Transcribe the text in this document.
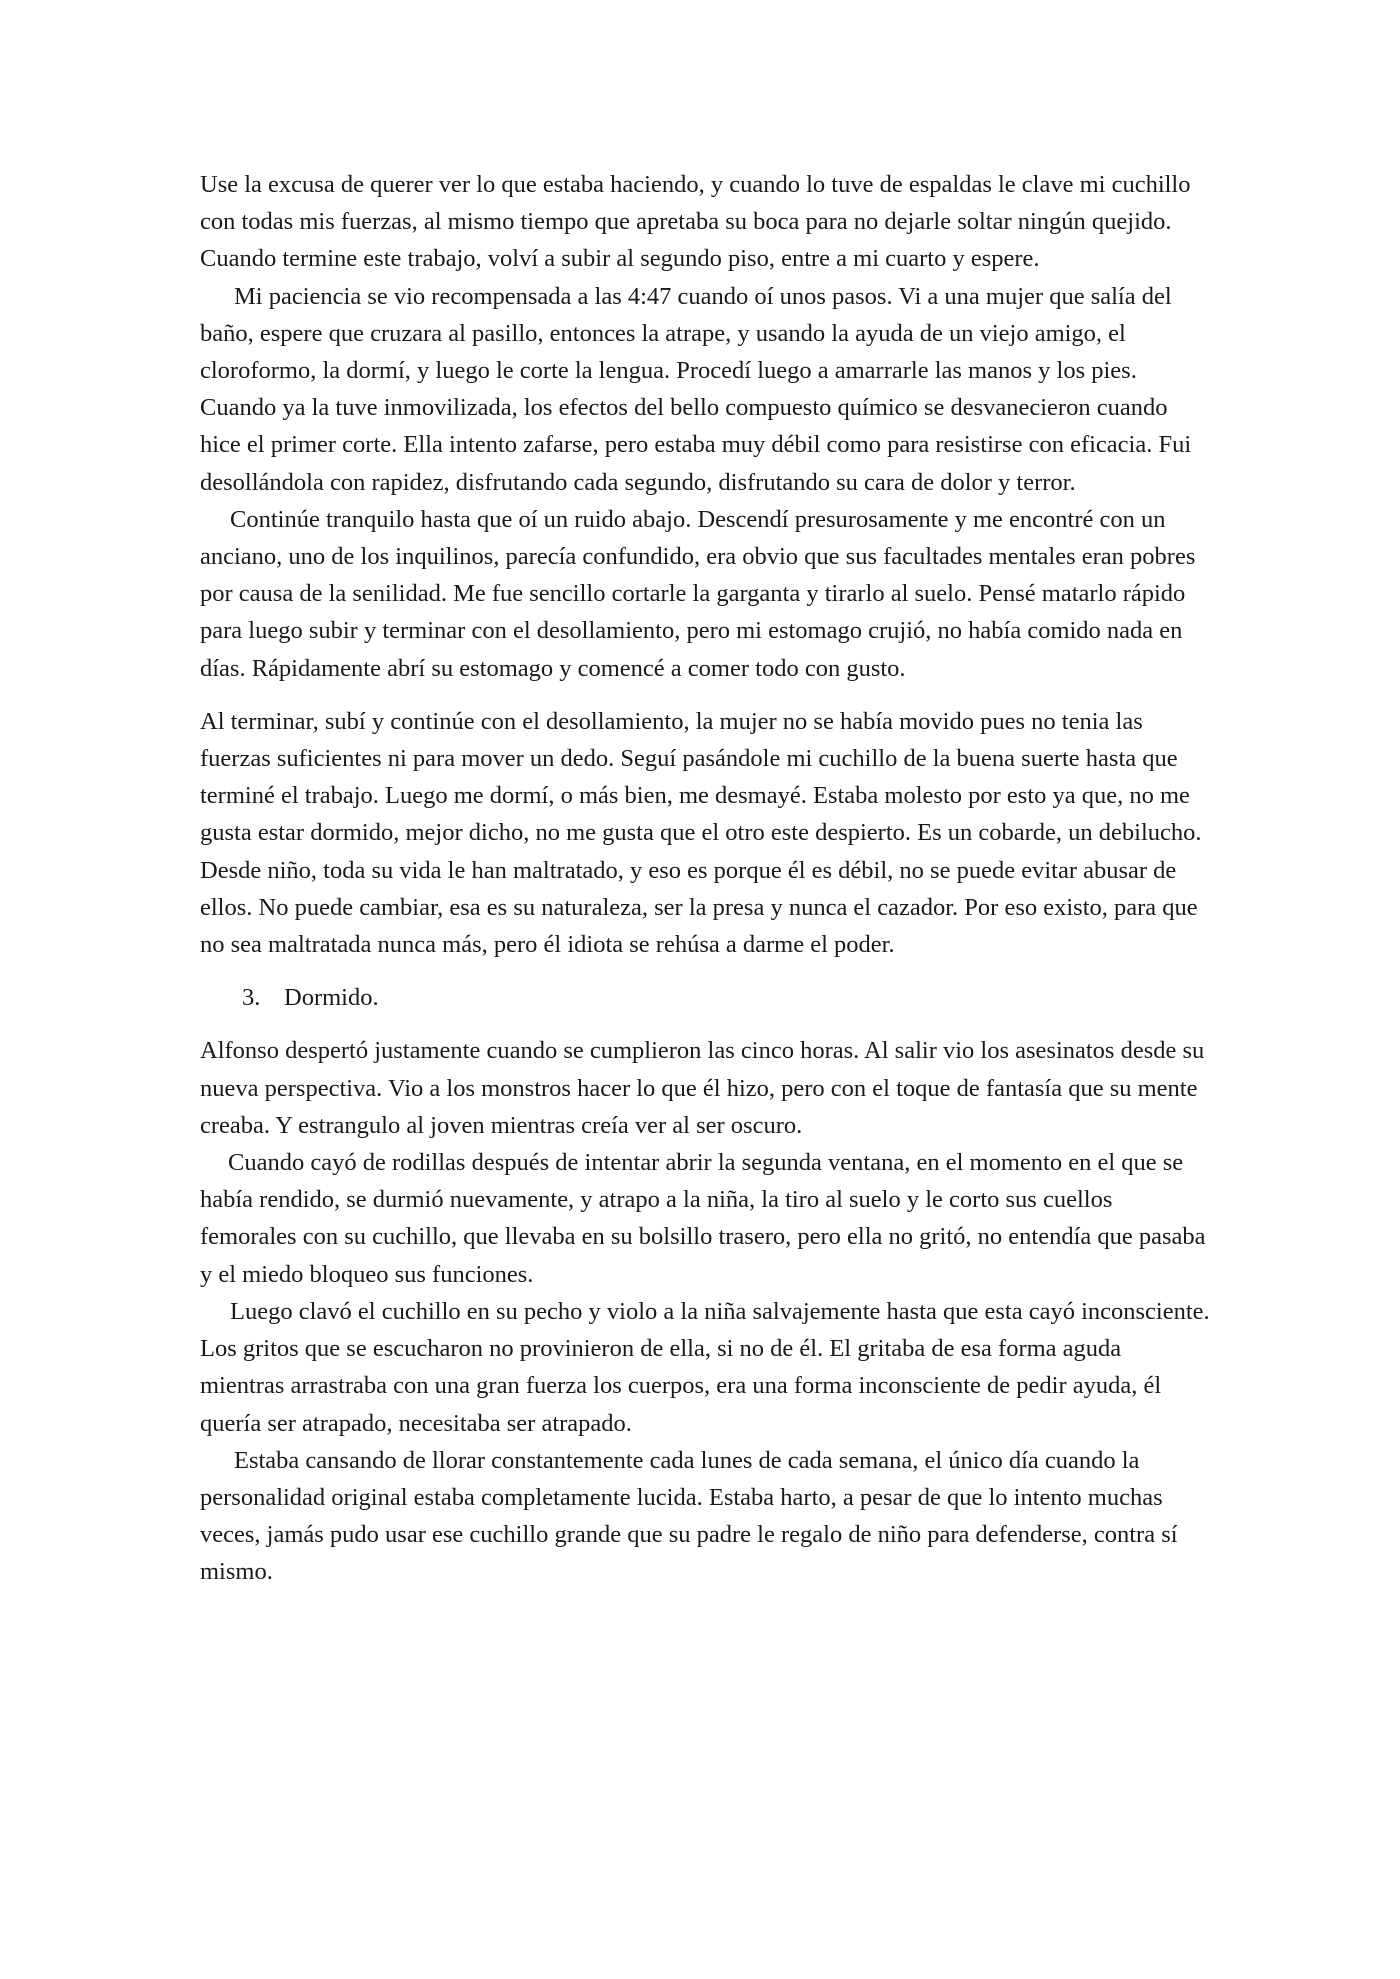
Use la excusa de querer ver lo que estaba haciendo, y cuando lo tuve de espaldas le clave mi cuchillo con todas mis fuerzas, al mismo tiempo que apretaba su boca para no dejarle soltar ningún quejido. Cuando termine este trabajo, volví a subir al segundo piso, entre a mi cuarto y espere.

Mi paciencia se vio recompensada a las 4:47 cuando oí unos pasos. Vi a una mujer que salía del baño, espere que cruzara al pasillo, entonces la atrape, y usando la ayuda de un viejo amigo, el cloroformo, la dormí, y luego le corte la lengua. Procedí luego a amarrarle las manos y los pies. Cuando ya la tuve inmovilizada, los efectos del bello compuesto químico se desvanecieron cuando hice el primer corte. Ella intento zafarse, pero estaba muy débil como para resistirse con eficacia. Fui desollándola con rapidez, disfrutando cada segundo, disfrutando su cara de dolor y terror.

Continúe tranquilo hasta que oí un ruido abajo. Descendí presurosamente y me encontré con un anciano, uno de los inquilinos, parecía confundido, era obvio que sus facultades mentales eran pobres por causa de la senilidad. Me fue sencillo cortarle la garganta y tirarlo al suelo. Pensé matarlo rápido para luego subir y terminar con el desollamiento, pero mi estomago crujió, no había comido nada en días. Rápidamente abrí su estomago y comencé a comer todo con gusto.

Al terminar, subí y continúe con el desollamiento, la mujer no se había movido pues no tenia las fuerzas suficientes ni para mover un dedo. Seguí pasándole mi cuchillo de la buena suerte hasta que terminé el trabajo. Luego me dormí, o más bien, me desmayé. Estaba molesto por esto ya que, no me gusta estar dormido, mejor dicho, no me gusta que el otro este despierto. Es un cobarde, un debilucho. Desde niño, toda su vida le han maltratado, y eso es porque él es débil, no se puede evitar abusar de ellos. No puede cambiar, esa es su naturaleza, ser la presa y nunca el cazador. Por eso existo, para que no sea maltratada nunca más, pero él idiota se rehúsa a darme el poder.

3. Dormido.

Alfonso despertó justamente cuando se cumplieron las cinco horas. Al salir vio los asesinatos desde su nueva perspectiva. Vio a los monstros hacer lo que él hizo, pero con el toque de fantasía que su mente creaba. Y estrangulo al joven mientras creía ver al ser oscuro.

Cuando cayó de rodillas después de intentar abrir la segunda ventana, en el momento en el que se había rendido, se durmió nuevamente, y atrapo a la niña, la tiro al suelo y le corto sus cuellos femorales con su cuchillo, que llevaba en su bolsillo trasero, pero ella no gritó, no entendía que pasaba y el miedo bloqueo sus funciones.

Luego clavó el cuchillo en su pecho y violo a la niña salvajemente hasta que esta cayó inconsciente. Los gritos que se escucharon no provinieron de ella, si no de él. El gritaba de esa forma aguda mientras arrastraba con una gran fuerza los cuerpos, era una forma inconsciente de pedir ayuda, él quería ser atrapado, necesitaba ser atrapado.

Estaba cansando de llorar constantemente cada lunes de cada semana, el único día cuando la personalidad original estaba completamente lucida. Estaba harto, a pesar de que lo intento muchas veces, jamás pudo usar ese cuchillo grande que su padre le regalo de niño para defenderse, contra sí mismo.
